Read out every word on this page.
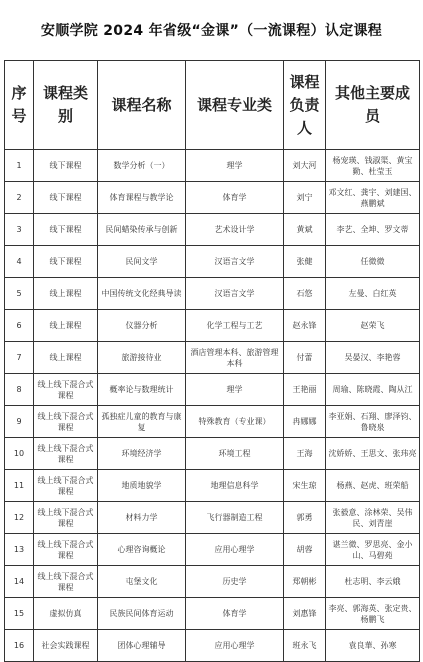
安顺学院 2024 年省级“金课”（一流课程）认定课程
序号	课程类别	课程名称	课程专业类	课程负责人	其他主要成员
1	线下课程	数学分析（一）	理学	刘大河	杨宠瑛、钱淑渠、黄宝勤、杜莹玉
2	线下课程	体育课程与教学论	体育学	刘宁	邓文红、龚宇、刘建国、燕鹏斌
3	线下课程	民间蜡染传承与创新	艺术设计学	黄斌	李艺、全坤、罗文蒂
4	线下课程	民间文学	汉语言文学	张健	任微微
5	线上课程	中国传统文化经典导读	汉语言文学	石悠	左曼、白红英
6	线上课程	仪器分析	化学工程与工艺	赵永锋	赵荣飞
7	线上课程	旅游接待业	酒店管理本科、旅游管理本科	付蕾	吴晏汉、李艳蓉
8	线上线下混合式课程	概率论与数理统计	理学	王艳丽	周瑜、陈晓霞、陶从江
9	线上线下混合式课程	孤独症儿童的教育与康复	特殊教育（专业课）	冉娜娜	李亚娟、石翔、廖泽钧、鲁晓泉
10	线上线下混合式课程	环境经济学	环境工程	王海	沈娇娇、王思文、张玮亮
11	线上线下混合式课程	地质地貌学	地理信息科学	宋生琼	杨燕、赵虎、班荣船
12	线上线下混合式课程	材料力学	飞行器制造工程	郭勇	张毅意、涂林荣、吴伟民、刘青崖
13	线上线下混合式课程	心理咨询概论	应用心理学	胡蓉	谌兰微、罗思亮、金小山、马碧苑
14	线上线下混合式课程	屯堡文化	历史学	郑朝彬	杜志明、李云娥
15	虚拟仿真	民族民间体育运动	体育学	刘惠锋	李亮、郭海英、张定贵、杨鹏飞
16	社会实践课程	团体心理辅导	应用心理学	班永飞	袁良華、孙寒
